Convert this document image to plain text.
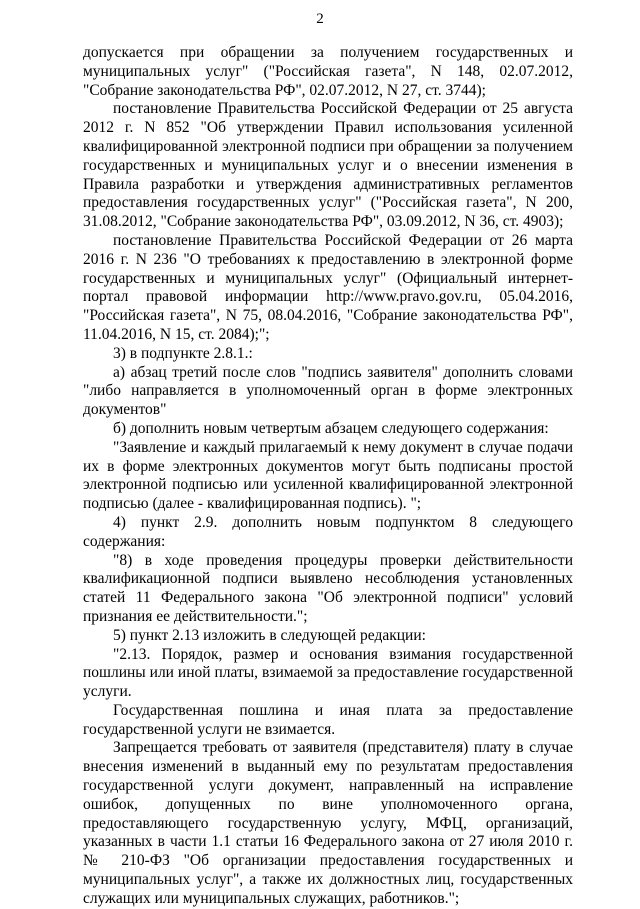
2

допускается при обращении за получением государственных и муниципальных услуг" ("Российская газета", N 148, 02.07.2012, "Собрание законодательства РФ", 02.07.2012, N 27, ст. 3744);

постановление Правительства Российской Федерации от 25 августа 2012 г. N 852 "Об утверждении Правил использования усиленной квалифицированной электронной подписи при обращении за получением государственных и муниципальных услуг и о внесении изменения в Правила разработки и утверждения административных регламентов предоставления государственных услуг" ("Российская газета", N 200, 31.08.2012, "Собрание законодательства РФ", 03.09.2012, N 36, ст. 4903);

постановление Правительства Российской Федерации от 26 марта 2016 г. N 236 "О требованиях к предоставлению в электронной форме государственных и муниципальных услуг" (Официальный интернет-портал правовой информации http://www.pravo.gov.ru, 05.04.2016, "Российская газета", N 75, 08.04.2016, "Собрание законодательства РФ", 11.04.2016, N 15, ст. 2084);";

3) в подпункте 2.8.1.:

а) абзац третий после слов "подпись заявителя" дополнить словами "либо направляется в уполномоченный орган в форме электронных документов"

б) дополнить новым четвертым абзацем следующего содержания:

"Заявление и каждый прилагаемый к нему документ в случае подачи их в форме электронных документов могут быть подписаны простой электронной подписью или усиленной квалифицированной электронной подписью (далее - квалифицированная подпись). ";

4) пункт 2.9. дополнить новым подпунктом 8 следующего содержания:

"8) в ходе проведения процедуры проверки действительности квалификационной подписи выявлено несоблюдения установленных статей 11 Федерального закона "Об электронной подписи" условий признания ее действительности.";

5) пункт 2.13 изложить в следующей редакции:

"2.13. Порядок, размер и основания взимания государственной пошлины или иной платы, взимаемой за предоставление государственной услуги.

Государственная пошлина и иная плата за предоставление государственной услуги не взимается.

Запрещается требовать от заявителя (представителя) плату в случае внесения изменений в выданный ему по результатам предоставления государственной услуги документ, направленный на исправление ошибок, допущенных по вине уполномоченного органа, предоставляющего государственную услугу, МФЦ, организаций, указанных в части 1.1 статьи 16 Федерального закона от 27 июля 2010 г. № 210-ФЗ "Об организации предоставления государственных и муниципальных услуг", а также их должностных лиц, государственных служащих или муниципальных служащих, работников.";
